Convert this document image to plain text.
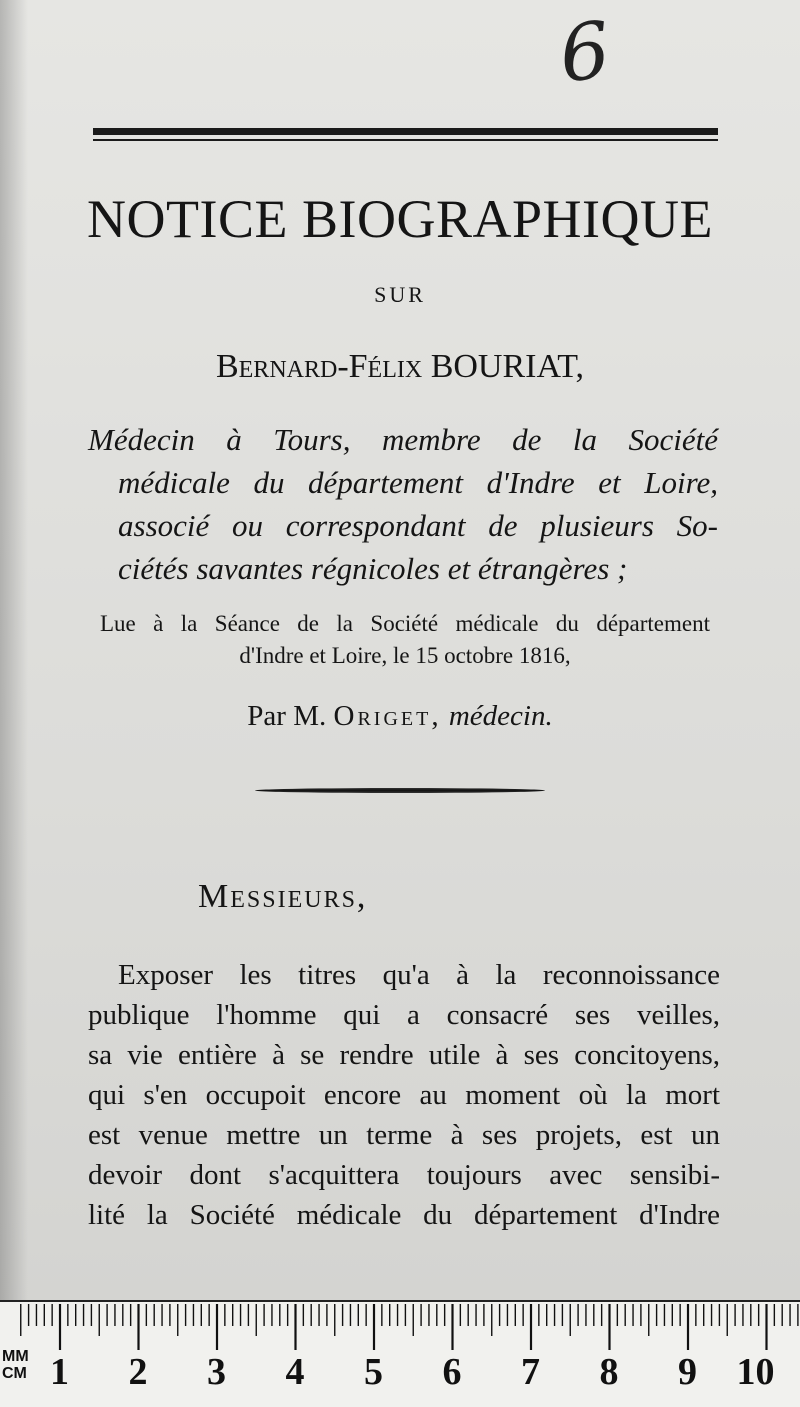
6
NOTICE BIOGRAPHIQUE
SUR
Bernard-Félix BOURIAT,
Médecin à Tours, membre de la Société
médicale du département d'Indre et Loire,
associé ou correspondant de plusieurs So-
ciétés savantes régnicoles et étrangères ;
Lue à la Séance de la Société médicale du département
d'Indre et Loire, le 15 octobre 1816,
Par M. Origet, médecin.
Messieurs,
Exposer les titres qu'a à la reconnoissance
publique l'homme qui a consacré ses veilles,
sa vie entière à se rendre utile à ses concitoyens,
qui s'en occupoit encore au moment où la mort
est venue mettre un terme à ses projets, est un
devoir dont s'acquittera toujours avec sensibi-
lité la Société médicale du département d'Indre
MM
CM 1 2 3 4 5 6 7 8 9 10
